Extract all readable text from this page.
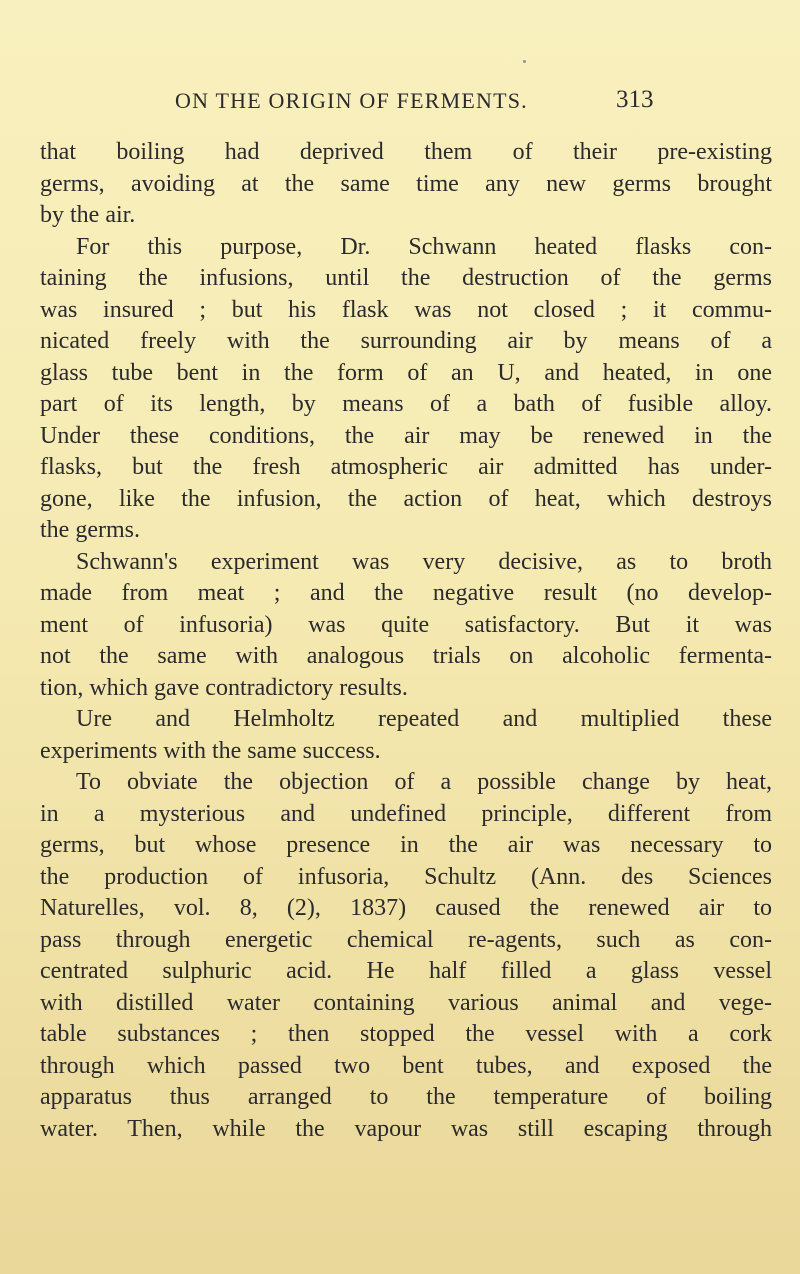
ON THE ORIGIN OF FERMENTS.	313

that boiling had deprived them of their pre-existing

germs, avoiding at the same time any new germs brought

by the air.

For this purpose, Dr. Schwann heated flasks con-

taining the infusions, until the destruction of the germs

was insured ; but his flask was not closed ; it commu-

nicated freely with the surrounding air by means of a

glass tube bent in the form of an U, and heated, in one

part of its length, by means of a bath of fusible alloy.

Under these conditions, the air may be renewed in the

flasks, but the fresh atmospheric air admitted has under-

gone, like the infusion, the action of heat, which destroys

the germs.

Schwann's experiment was very decisive, as to broth

made from meat ; and the negative result (no develop-

ment of infusoria) was quite satisfactory. But it was

not the same with analogous trials on alcoholic fermenta-

tion, which gave contradictory results.

Ure and Helmholtz repeated and multiplied these

experiments with the same success.

To obviate the objection of a possible change by heat,

in a mysterious and undefined principle, different from

germs, but whose presence in the air was necessary to

the production of infusoria, Schultz (Ann. des Sciences

Naturelles, vol. 8, (2), 1837) caused the renewed air to

pass through energetic chemical re-agents, such as con-

centrated sulphuric acid. He half filled a glass vessel

with distilled water containing various animal and vege-

table substances ; then stopped the vessel with a cork

through which passed two bent tubes, and exposed the

apparatus thus arranged to the temperature of boiling

water. Then, while the vapour was still escaping through
